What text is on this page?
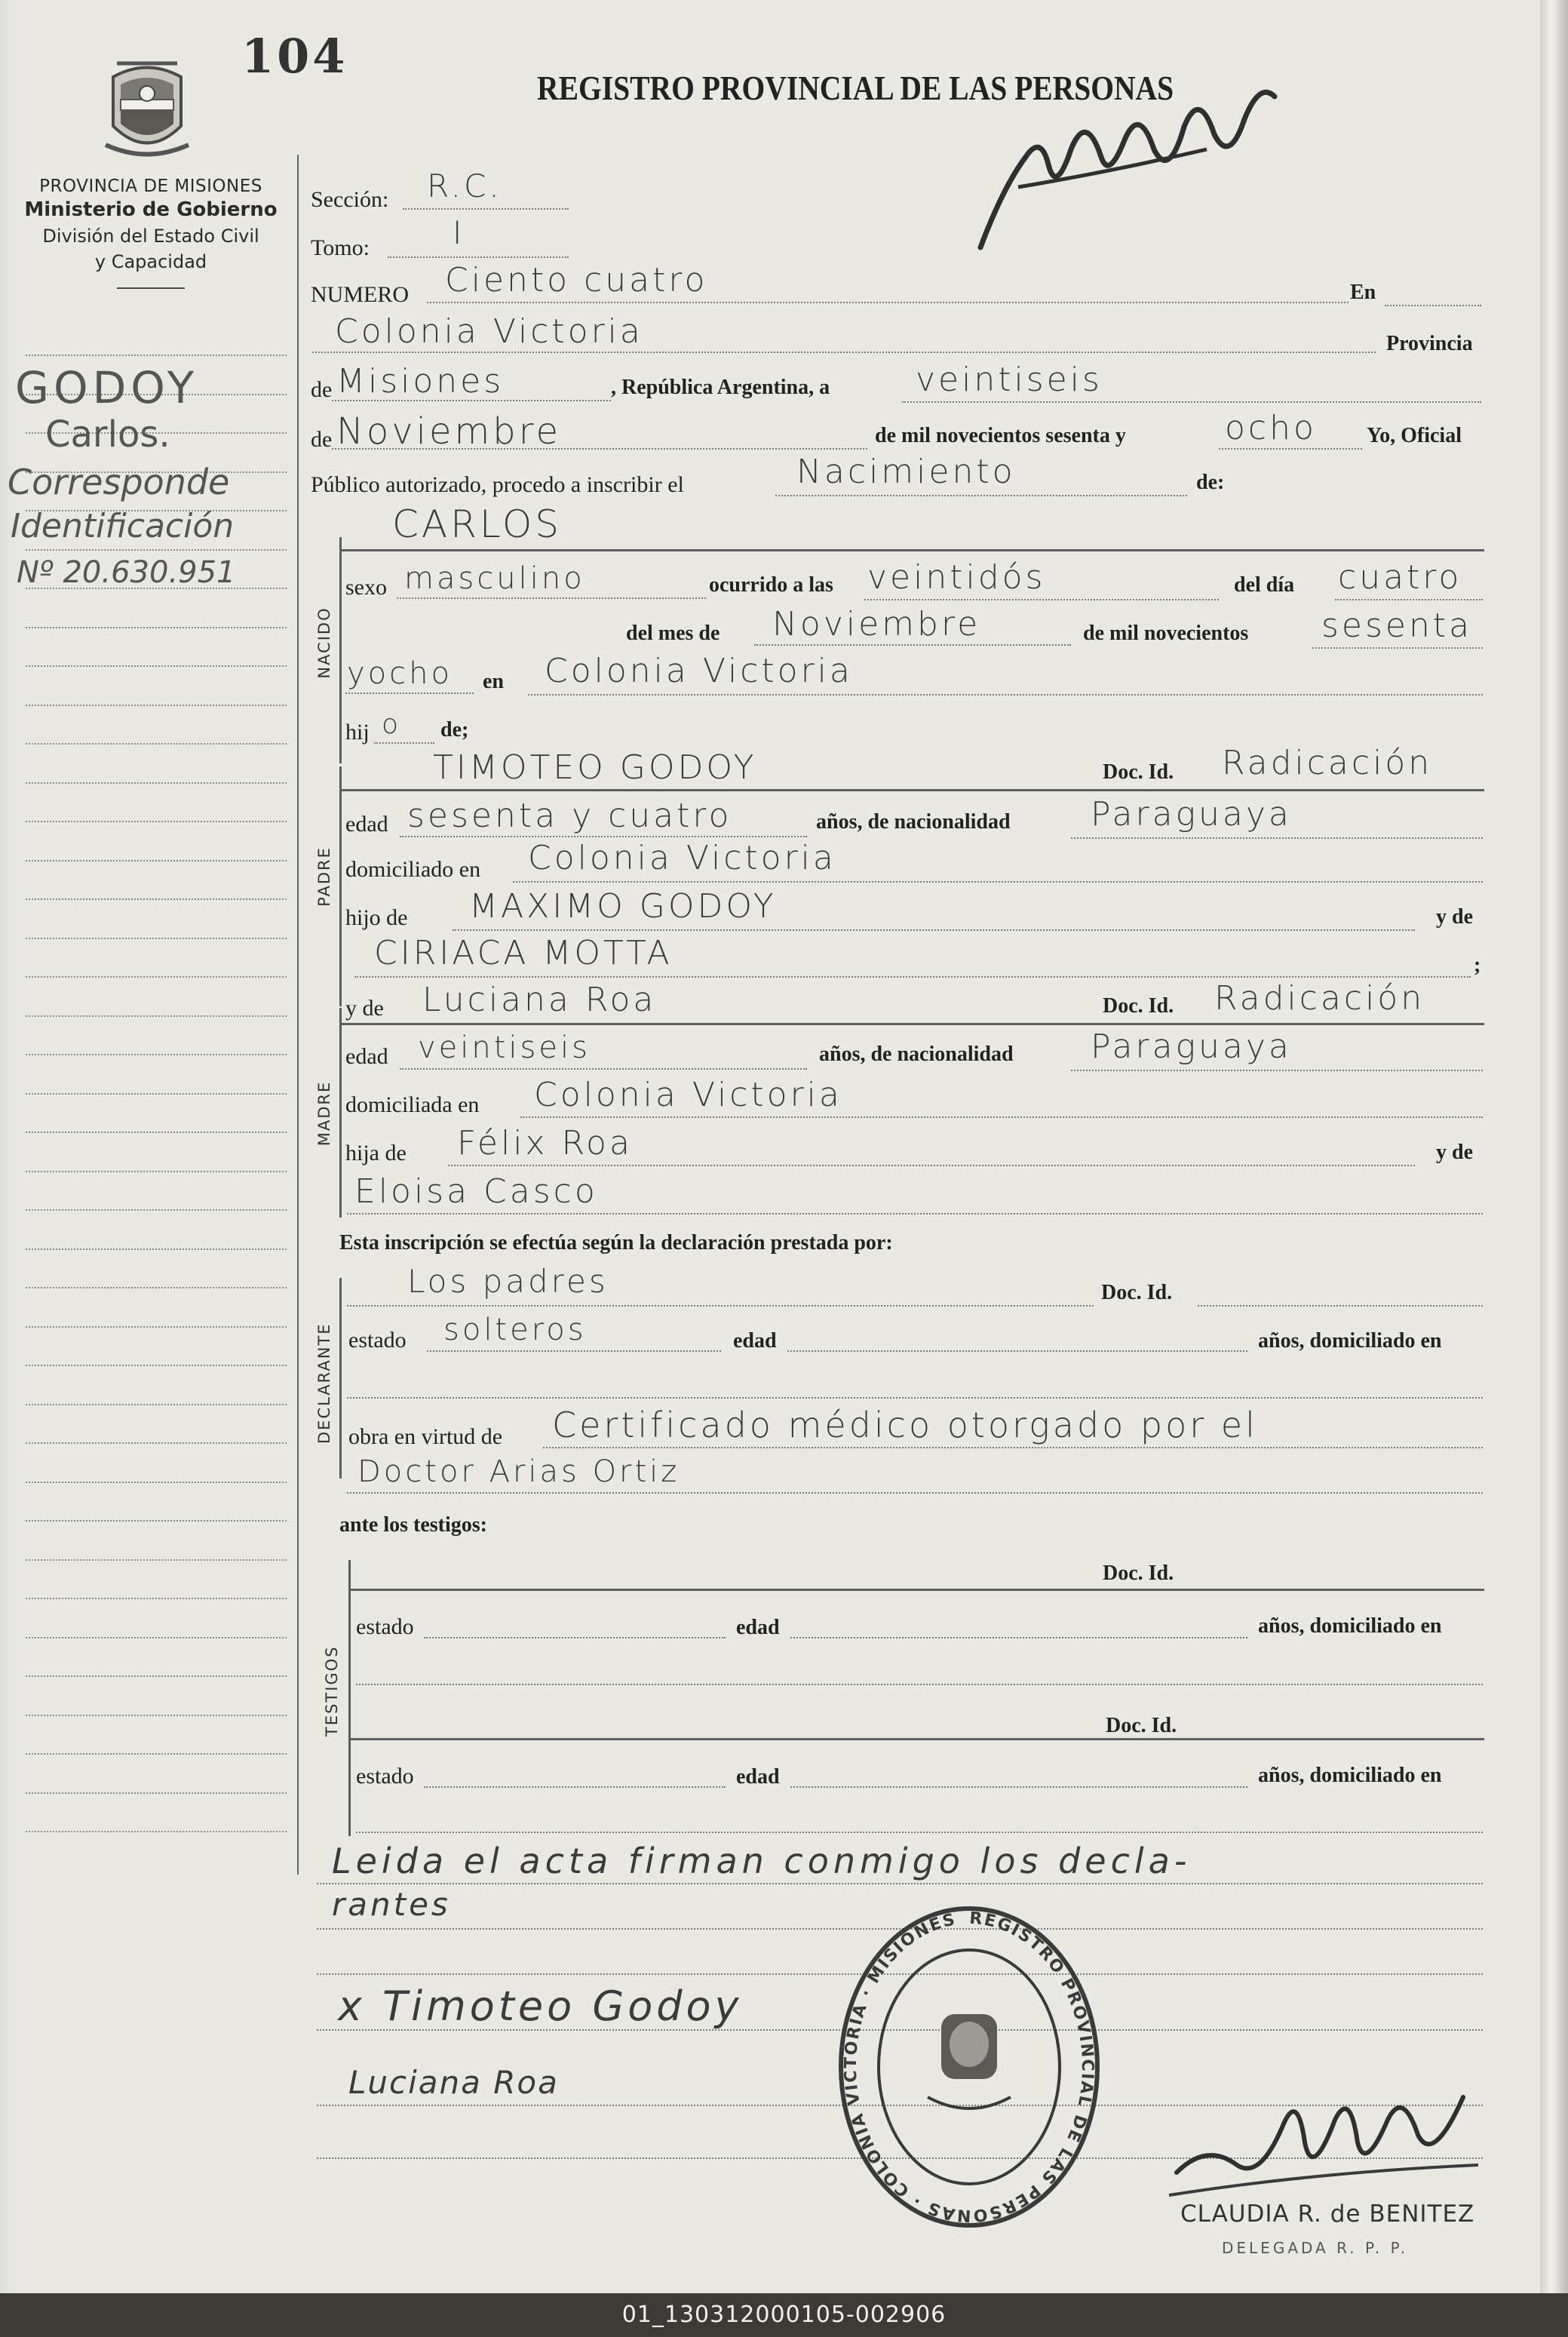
104
REGISTRO PROVINCIAL DE LAS PERSONAS
PROVINCIA DE MISIONES
Ministerio de Gobierno
División del Estado Civil
y Capacidad
GODOY
Carlos.
Corresponde
Identificación
Nº 20.630.951
Sección: R.C.
Tomo:	I
NUMERO Ciento cuatro	En
Colonia Victoria	Provincia
de Misiones	, República Argentina, a	veintiseis
de Noviembre	de mil novecientos sesenta y	ocho Yo, Oficial
Público autorizado, procedo a inscribir el	Nacimiento	de:
NACIDO
CARLOS
sexo masculino	ocurrido a las veintidós	del día cuatro
del mes de Noviembre	de mil novecientos sesenta
yocho en Colonia Victoria
hij o de;
PADRE
TIMOTEO GODOY	Doc. Id. Radicación
edad sesenta y cuatro	años, de nacionalidad Paraguaya
domiciliado en Colonia Victoria
hijo de MAXIMO GODOY	y de
CIRIACA MOTTA	;
MADRE
y de Luciana Roa	Doc. Id. Radicación
edad veintiseis	años, de nacionalidad Paraguaya
domiciliada en Colonia Victoria
hija de Félix Roa	y de
Eloisa Casco
Esta inscripción se efectúa según la declaración prestada por:
DECLARANTE
Los padres	Doc. Id.
estado solteros	edad	años, domiciliado en
obra en virtud de Certificado médico otorgado por el
Doctor Arias Ortiz
ante los testigos:
TESTIGOS
Doc. Id.
estado	edad	años, domiciliado en
Doc. Id.
estado	edad	años, domiciliado en
Leida el acta firman conmigo los decla-
rantes
x Timoteo Godoy
Luciana Roa
REGISTRO PROVINCIAL DE LAS PERSONAS · COLONIA VICTORIA · MISIONES
CLAUDIA R. de BENITEZ
DELEGADA R. P. P.
01_130312000105-002906
